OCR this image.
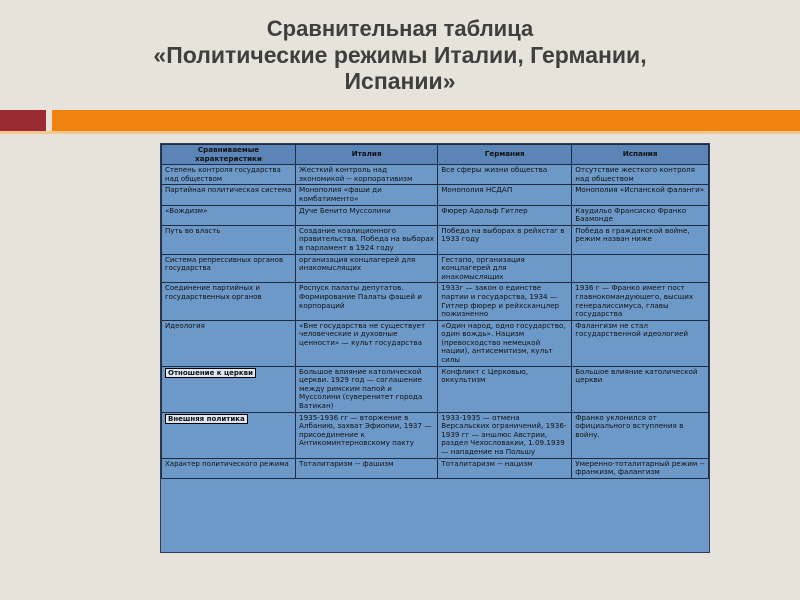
Сравнительная таблица
«Политические режимы Италии, Германии,
Испании»
Сравниваемые характеристики	Италия	Германия	Испания
Степень контроля государства над обществом	Жесткий контроль над экономикой -- корпоративизм	Все сферы жизни общества	Отсутствие жесткого контроля над обществом
Партийная политическая система	Монополия «фаши ди комбатименто»	Монополия НСДАП	Монополия «Испанской фаланги»
«Вождизм»	Дуче Бенито Муссолини	Фюрер Адольф Гитлер	Каудильо Франсиско Франко Баамонде
Путь во власть	Создание коалиционного правительства. Победа на выборах в парламент в 1924 году	Победа на выборах в рейхстаг в 1933 году	Победа в гражданской войне, режим назван ниже
Система репрессивных органов государства	организация концлагерей для инакомыслящих	Гестапо, организация концлагерей для инакомыслящих	
Соединение партийных и государственных органов	Роспуск палаты депутатов. Формирование Палаты фашей и корпораций	1933г — закон о единстве партии и государства, 1934 — Гитлер фюрер и рейхсканцлер пожизненно	1936 г — Франко имеет пост главнокомандующего, высших генералиссимуса, главы государства
Идеология	«Вне государства не существует человеческие и духовные ценности» — культ государства	«Один народ, одно государство, один вождь». Нацизм (превосходство немецкой нации), антисемитизм, культ силы	Фалангизм не стал государственной идеологией
Отношение к церкви	Большое влияние католической церкви. 1929 год — соглашение между римским папой и Муссолини (суверенитет города Ватикан)	Конфликт с Церковью, оккультизм	Большое влияние католической церкви
Внешняя политика	1935-1936 гг — вторжение в Албанию, захват Эфиопии, 1937 — присоединение к Антикоминтерновскому пакту	1933-1935 — отмена Версальских ограничений, 1936-1939 гг — аншлюс Австрии, раздел Чехословакии, 1.09.1939 — нападение на Польшу	Франко уклонился от официального вступления в войну.
Характер политического режима	Тоталитаризм -- фашизм	Тоталитаризм -- нацизм	Умеренно-тоталитарный режим -- франкизм, фалангизм
